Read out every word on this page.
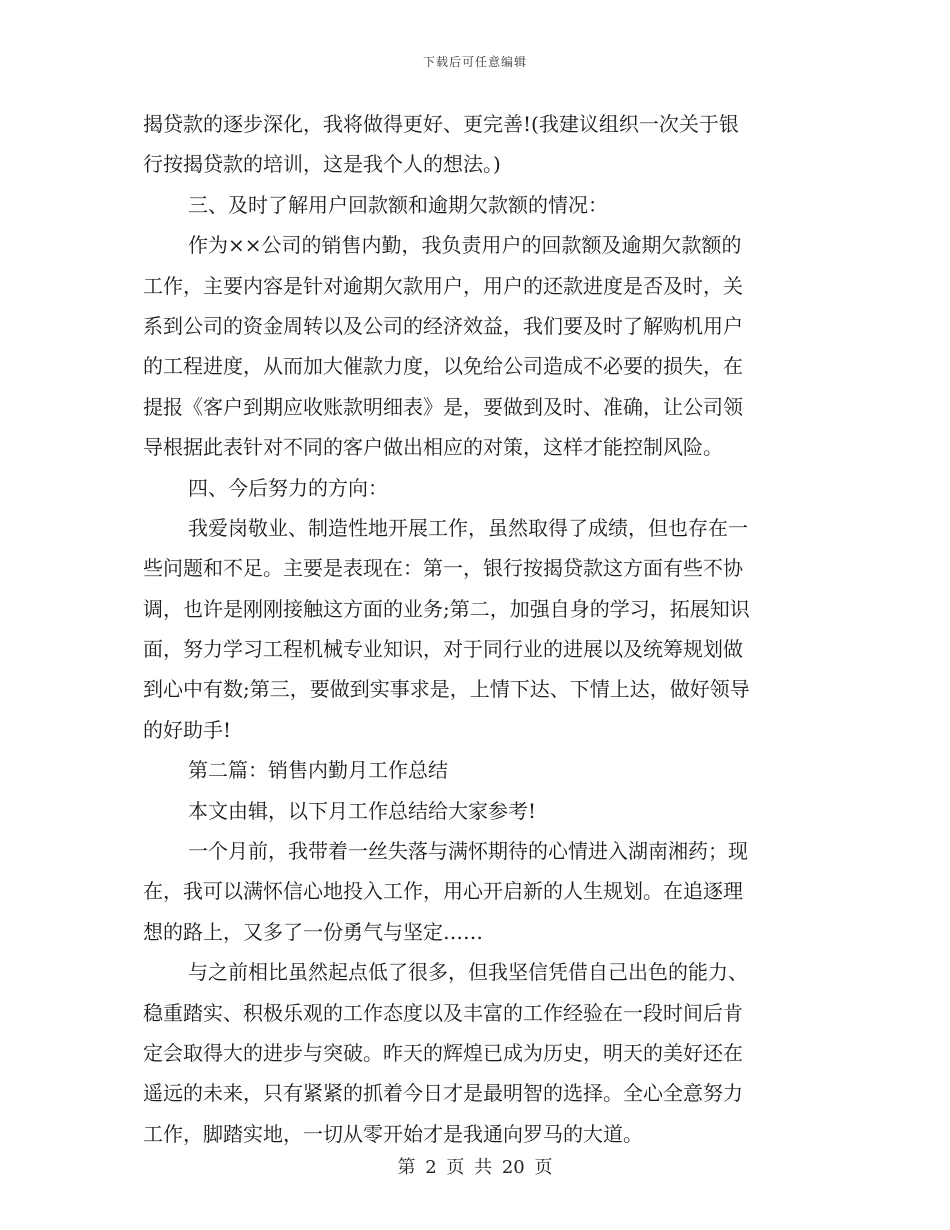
下载后可任意编辑
揭贷款的逐步深化，我将做得更好、更完善!(我建议组织一次关于银
行按揭贷款的培训，这是我个人的想法。)
三、及时了解用户回款额和逾期欠款额的情况：
作为××公司的销售内勤，我负责用户的回款额及逾期欠款额的
工作，主要内容是针对逾期欠款用户，用户的还款进度是否及时，关
系到公司的资金周转以及公司的经济效益，我们要及时了解购机用户
的工程进度，从而加大催款力度，以免给公司造成不必要的损失，在
提报《客户到期应收账款明细表》是，要做到及时、准确，让公司领
导根据此表针对不同的客户做出相应的对策，这样才能控制风险。
四、今后努力的方向：
我爱岗敬业、制造性地开展工作，虽然取得了成绩，但也存在一
些问题和不足。主要是表现在：第一，银行按揭贷款这方面有些不协
调，也许是刚刚接触这方面的业务;第二，加强自身的学习，拓展知识
面，努力学习工程机械专业知识，对于同行业的进展以及统筹规划做
到心中有数;第三，要做到实事求是，上情下达、下情上达，做好领导
的好助手!
第二篇：销售内勤月工作总结
本文由辑，以下月工作总结给大家参考!
一个月前，我带着一丝失落与满怀期待的心情进入湖南湘药；现
在，我可以满怀信心地投入工作，用心开启新的人生规划。在追逐理
想的路上，又多了一份勇气与坚定……
与之前相比虽然起点低了很多，但我坚信凭借自己出色的能力、
稳重踏实、积极乐观的工作态度以及丰富的工作经验在一段时间后肯
定会取得大的进步与突破。昨天的辉煌已成为历史，明天的美好还在
遥远的未来，只有紧紧的抓着今日才是最明智的选择。全心全意努力
工作，脚踏实地，一切从零开始才是我通向罗马的大道。
第 2 页 共 20 页
